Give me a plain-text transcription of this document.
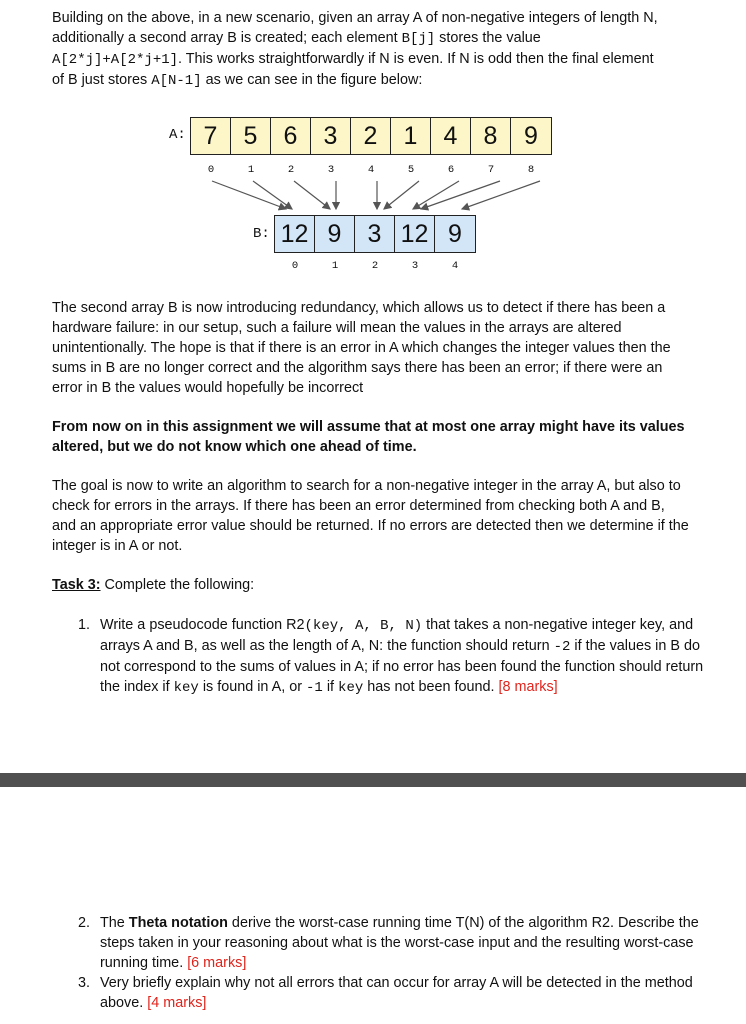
Building on the above, in a new scenario, given an array A of non-negative integers of length N,
additionally a second array B is created; each element B[j] stores the value
A[2*j]+A[2*j+1]. This works straightforwardly if N is even. If N is odd then the final element
of B just stores A[N-1] as we can see in the figure below:

A: 7	5	6	3	2	1	4	8	9
0	1	2	3	4	5	6	7	8
B: 12 9	3 12 9
0	1	2	3	4

The second array B is now introducing redundancy, which allows us to detect if there has been a hardware failure: in our setup, such a failure will mean the values in the arrays are altered unintentionally. The hope is that if there is an error in A which changes the integer values then the sums in B are no longer correct and the algorithm says there has been an error; if there were an error in B the values would hopefully be incorrect

From now on in this assignment we will assume that at most one array might have its values altered, but we do not know which one ahead of time.

The goal is now to write an algorithm to search for a non-negative integer in the array A, but also to check for errors in the arrays. If there has been an error determined from checking both A and B, and an appropriate error value should be returned. If no errors are detected then we determine if the integer is in A or not.

Task 3: Complete the following:

1. Write a pseudocode function R2(key, A, B, N) that takes a non-negative integer key, and arrays A and B, as well as the length of A, N: the function should return -2 if the values in B do not correspond to the sums of values in A; if no error has been found the function should return the index if key is found in A, or -1 if key has not been found. [8 marks]
2. The Theta notation derive the worst-case running time T(N) of the algorithm R2. Describe the steps taken in your reasoning about what is the worst-case input and the resulting worst-case running time. [6 marks]
3. Very briefly explain why not all errors that can occur for array A will be detected in the method above. [4 marks]
